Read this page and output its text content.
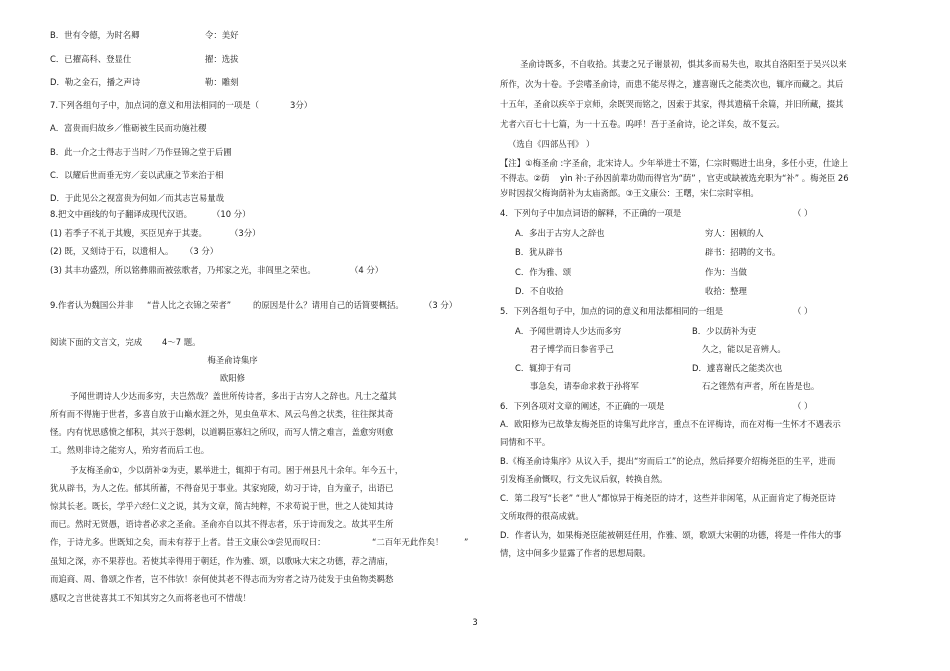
B．世有令德，为时名卿	令：美好
C．已擢高科、登显仕	擢：选拔
D．勒之金石，播之声诗	勒：雕刻
7.下列各组句子中，加点词的意义和用法相同的一项是（	3分）
A．富贵而归故乡／惟砺被生民而功施社稷
B．此一介之士得志于当时／乃作昼锦之堂于后圃
C．以耀后世而垂无穷／妾以武康之节来治于相
D．于此见公之视富贵为何如／而其志岂易量哉
8.把文中画线的句子翻译成现代汉语。 （10 分）
(1) 若季子不礼于其嫂，买臣见弃于其妻。	（3分）
(2) 既，又刻诗于石，以遗相人。 （3 分）
(3) 其丰功盛烈，所以铭彝鼎而被弦歌者，乃邦家之光，非闾里之荣也。	（4 分）
9.作者认为魏国公并非 “昔人比之衣锦之荣者”	的原因是什么？请用自己的话简要概括。 （3 分）
阅读下面的文言文，完成 4～7 题。
梅圣俞诗集序
欧阳修
予闻世谓诗人少达而多穷，夫岂然哉？盖世所传诗者，多出于古穷人之辞也。凡士之蕴其
所有而不得施于世者，多喜自放于山巅水涯之外，见虫鱼草木、风云鸟兽之状类，往往探其奇
怪。内有忧思感愤之郁积，其兴于怨刺，以道羁臣寡妇之所叹，而写人情之难言，盖愈穷则愈
工。然则非诗之能穷人，殆穷者而后工也。
予友梅圣俞①，少以荫补②为吏，累举进士，辄抑于有司。困于州县凡十余年。年今五十，
犹从辟书，为人之佐。郁其所蓄，不得奋见于事业。其家宛陵，幼习于诗，自为童子，出语已
惊其长老。既长，学乎六经仁义之说，其为文章，简古纯粹，不求苟说于世，世之人徒知其诗
而已。然时无贤愚，语诗者必求之圣俞。圣俞亦自以其不得志者，乐于诗而发之。故其平生所
作，于诗尤多。世既知之矣，而未有荐于上者。昔王文康公③尝见而叹曰：	“二百年无此作矣！ ”
虽知之深，亦不果荐也。若使其幸得用于朝廷，作为雅、颂，以歌咏大宋之功德，荐之清庙，
而追商、周、鲁颂之作者，岂不伟欤！奈何使其老不得志而为穷者之诗乃徒发于虫鱼物类羁愁
感叹之言世徒喜其工不知其穷之久而将老也可不惜哉！
圣俞诗既多，不自收拾。其妻之兄子谢景初，惧其多而易失也，取其自洛阳至于吴兴以来
所作，次为十卷。予尝嗜圣俞诗，而患不能尽得之，遽喜谢氏之能类次也，辄序而藏之。其后
十五年，圣俞以疾卒于京师，余既哭而铭之，因索于其家，得其遗稿千余篇，并旧所藏，掇其
尤者六百七十七篇，为一十五卷。呜呼！吾于圣俞诗，论之详矣，故不复云。
（选自《四部丛刊》 ）
【注】①梅圣俞 :字圣俞，北宋诗人。少年举进士不第，仁宗时赐进士出身，多任小吏，仕途上
不得志。②荫 yìn 补:子孙因前辈功勋而得官为“荫” ，官吏或缺被选充职为“补” 。梅尧臣 26
岁时因叔父梅询荫补为太庙斋郎。③王文康公：王曙，宋仁宗时宰相。
4．下列句子中加点词语的解释，不正确的一项是	（ ）
A．多出于古穷人之辞也	穷人：困顿的人
B．犹从辟书	辟书：招聘的文书。
C．作为雅、颂	作为：当做
D．不自收拾	收拾：整理
5．下列各组句子中，加点的词的意义和用法都相同的一组是	（ ）
A．予闻世谓诗人少达而多穷	B．少以荫补为吏
君子博学而日参省乎己	久之，能以足音辨人。
C．辄抑于有司	D．遽喜谢氏之能类次也
事急矣，请奉命求救于孙将军	石之铿然有声者，所在皆是也。
6．下列各项对文章的阐述，不正确的一项是	（ ）
A．欧阳修为已故挚友梅尧臣的诗集写此序言，重点不在评梅诗，而在对梅一生怀才不遇表示
同情和不平。
B.《梅圣俞诗集序》从议入手，提出“穷而后工”的论点，然后择要介绍梅尧臣的生平，进而
引发梅圣俞慨叹，行文先议后叙，转换自然。
C．第二段写“长老” “世人”都惊异于梅尧臣的诗才，这些并非闲笔，从正面肯定了梅尧臣诗
文所取得的很高成就。
D．作者认为，如果梅尧臣能被朝廷任用，作雅、颂，歌颂大宋朝的功德，将是一件伟大的事
情，这中间多少显露了作者的思想局限。
3
